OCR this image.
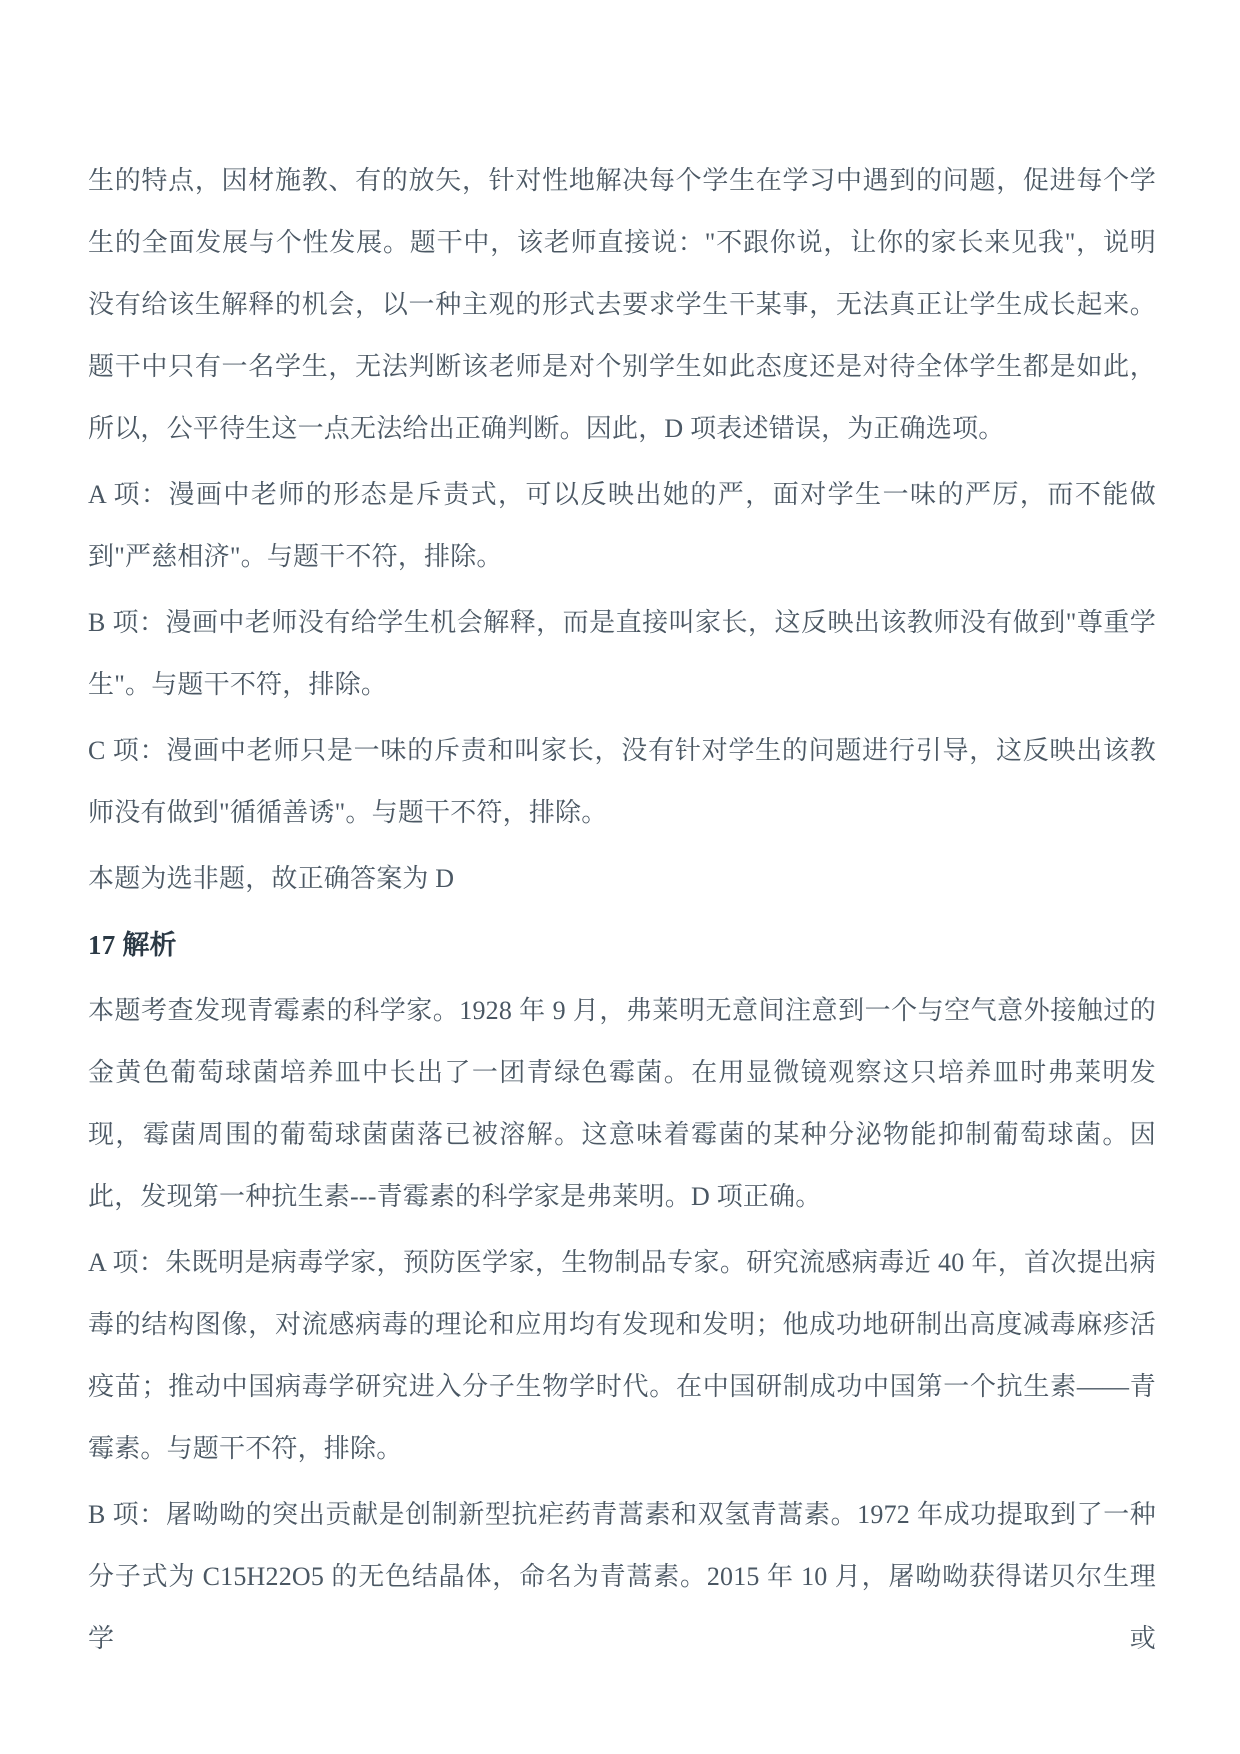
生的特点，因材施教、有的放矢，针对性地解决每个学生在学习中遇到的问题，促进每个学生的全面发展与个性发展。题干中，该老师直接说："不跟你说，让你的家长来见我"，说明没有给该生解释的机会，以一种主观的形式去要求学生干某事，无法真正让学生成长起来。题干中只有一名学生，无法判断该老师是对个别学生如此态度还是对待全体学生都是如此，所以，公平待生这一点无法给出正确判断。因此，D 项表述错误，为正确选项。

A 项：漫画中老师的形态是斥责式，可以反映出她的严，面对学生一味的严厉，而不能做到"严慈相济"。与题干不符，排除。

B 项：漫画中老师没有给学生机会解释，而是直接叫家长，这反映出该教师没有做到"尊重学生"。与题干不符，排除。

C 项：漫画中老师只是一味的斥责和叫家长，没有针对学生的问题进行引导，这反映出该教师没有做到"循循善诱"。与题干不符，排除。

本题为选非题，故正确答案为 D

17 解析

本题考查发现青霉素的科学家。1928 年 9 月，弗莱明无意间注意到一个与空气意外接触过的金黄色葡萄球菌培养皿中长出了一团青绿色霉菌。在用显微镜观察这只培养皿时弗莱明发现，霉菌周围的葡萄球菌菌落已被溶解。这意味着霉菌的某种分泌物能抑制葡萄球菌。因此，发现第一种抗生素---青霉素的科学家是弗莱明。D 项正确。

A 项：朱既明是病毒学家，预防医学家，生物制品专家。研究流感病毒近 40 年，首次提出病毒的结构图像，对流感病毒的理论和应用均有发现和发明；他成功地研制出高度减毒麻疹活疫苗；推动中国病毒学研究进入分子生物学时代。在中国研制成功中国第一个抗生素——青霉素。与题干不符，排除。

B 项：屠呦呦的突出贡献是创制新型抗疟药青蒿素和双氢青蒿素。1972 年成功提取到了一种分子式为 C15H22O5 的无色结晶体，命名为青蒿素。2015 年 10 月，屠呦呦获得诺贝尔生理学或
